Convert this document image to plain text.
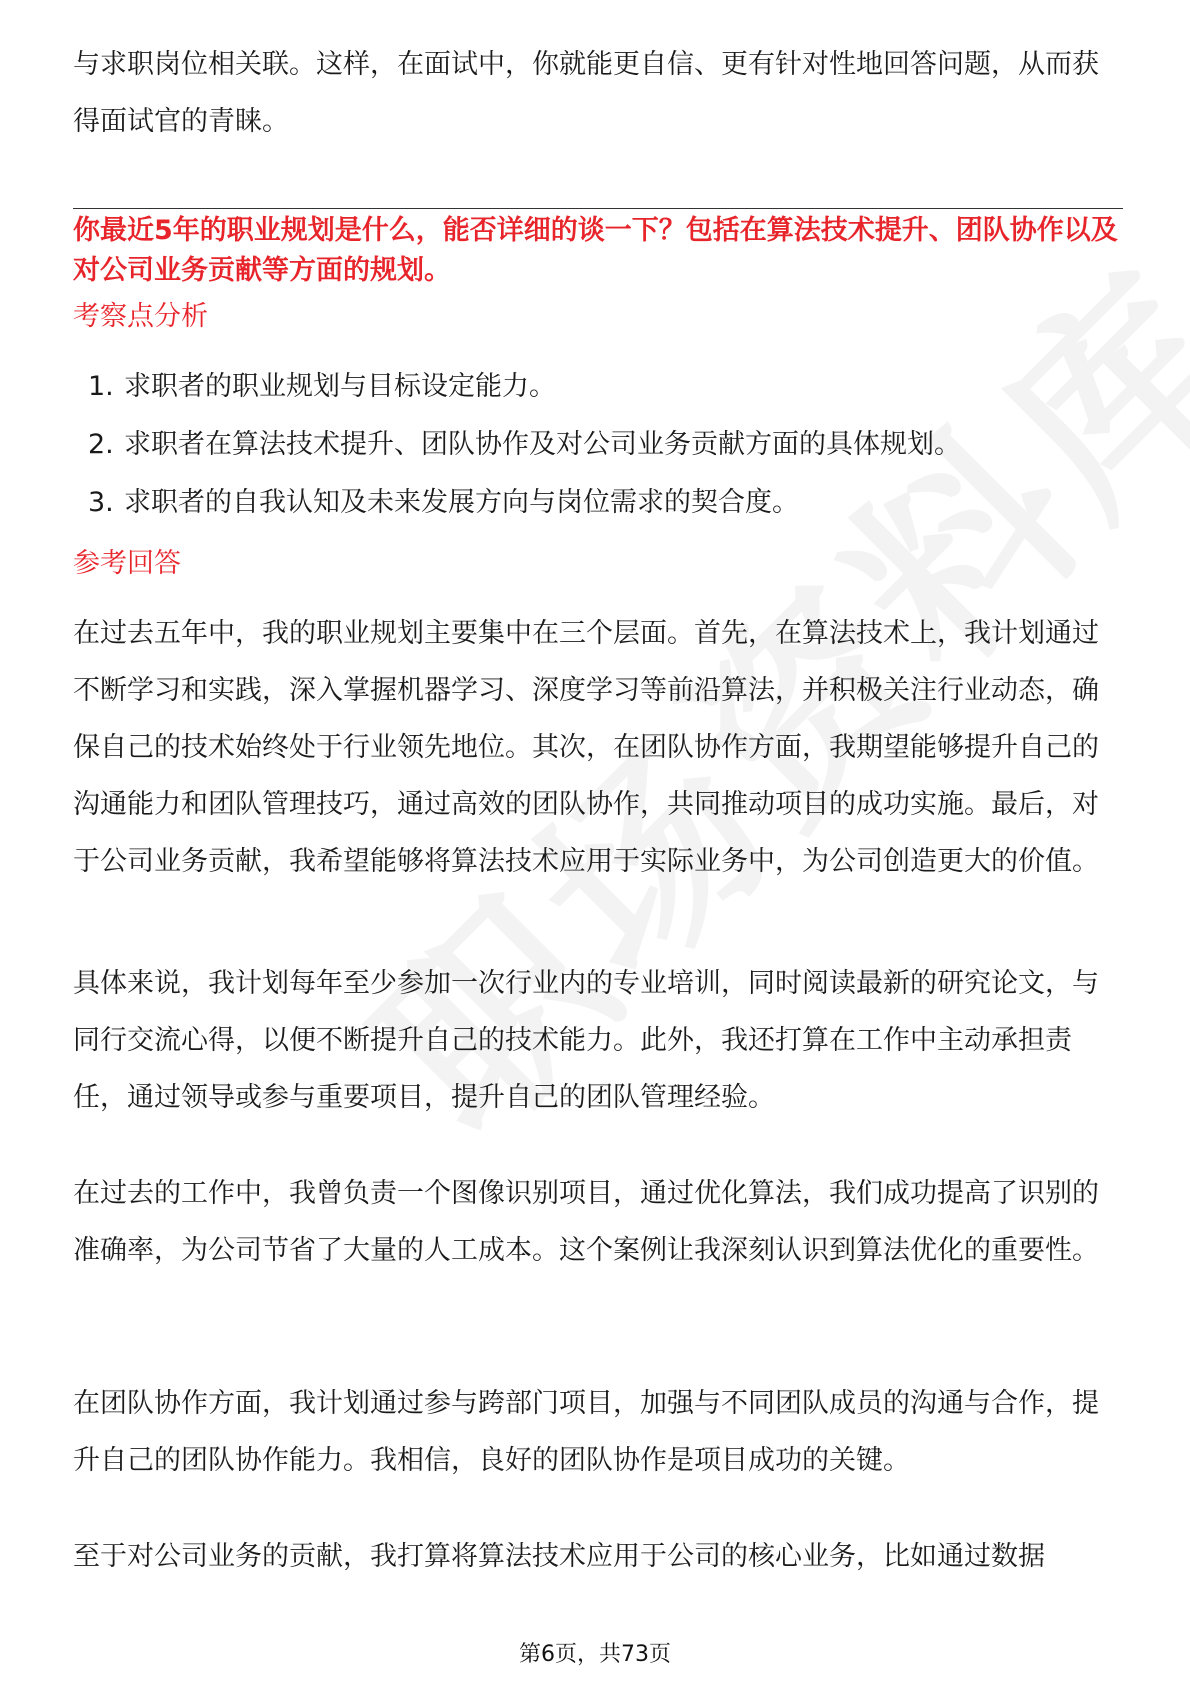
与求职岗位相关联。这样，在面试中，你就能更自信、更有针对性地回答问题，从而获得面试官的青睐。

你最近5年的职业规划是什么，能否详细的谈一下？包括在算法技术提升、团队协作以及对公司业务贡献等方面的规划。

考察点分析

1. 求职者的职业规划与目标设定能力。
2. 求职者在算法技术提升、团队协作及对公司业务贡献方面的具体规划。
3. 求职者的自我认知及未来发展方向与岗位需求的契合度。

参考回答

在过去五年中，我的职业规划主要集中在三个层面。首先，在算法技术上，我计划通过不断学习和实践，深入掌握机器学习、深度学习等前沿算法，并积极关注行业动态，确保自己的技术始终处于行业领先地位。其次，在团队协作方面，我期望能够提升自己的沟通能力和团队管理技巧，通过高效的团队协作，共同推动项目的成功实施。最后，对于公司业务贡献，我希望能够将算法技术应用于实际业务中，为公司创造更大的价值。

具体来说，我计划每年至少参加一次行业内的专业培训，同时阅读最新的研究论文，与同行交流心得，以便不断提升自己的技术能力。此外，我还打算在工作中主动承担责任，通过领导或参与重要项目，提升自己的团队管理经验。

在过去的工作中，我曾负责一个图像识别项目，通过优化算法，我们成功提高了识别的准确率，为公司节省了大量的人工成本。这个案例让我深刻认识到算法优化的重要性。

在团队协作方面，我计划通过参与跨部门项目，加强与不同团队成员的沟通与合作，提升自己的团队协作能力。我相信，良好的团队协作是项目成功的关键。

至于对公司业务的贡献，我打算将算法技术应用于公司的核心业务，比如通过数据

第6页，共73页
